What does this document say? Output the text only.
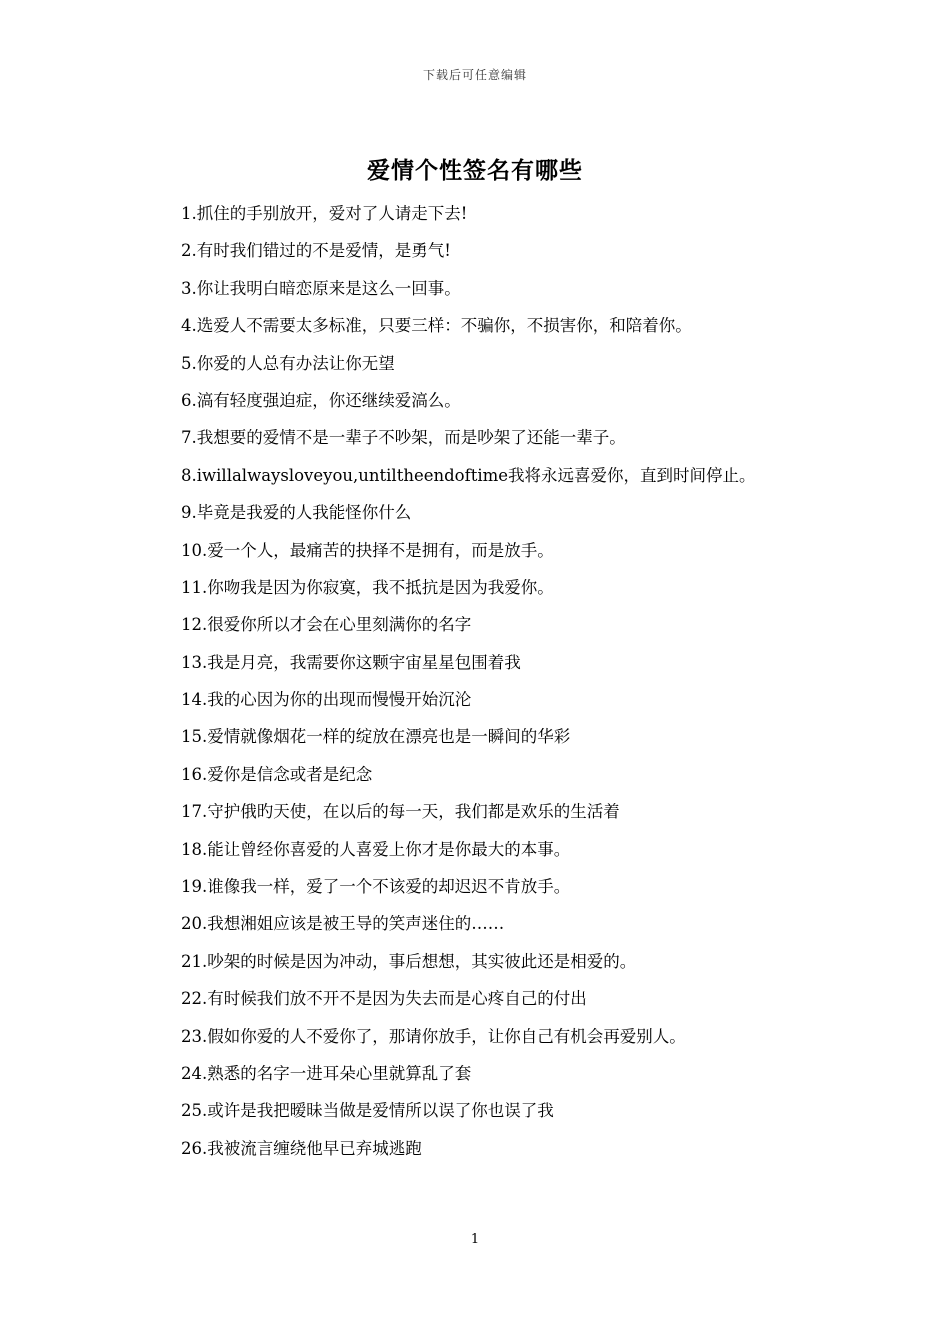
下载后可任意编辑
爱情个性签名有哪些
1.抓住的手别放开，爱对了人请走下去!
2.有时我们错过的不是爱情，是勇气!
3.你让我明白暗恋原来是这么一回事。
4.选爱人不需要太多标准，只要三样：不骗你，不损害你，和陪着你。
5.你爱的人总有办法让你无望
6.滈有轻度强迫症，你还继续爱滈么。
7.我想要的爱情不是一辈子不吵架，而是吵架了还能一辈子。
8.iwillalwaysloveyou,untiltheendoftime我将永远喜爱你，直到时间停止。
9.毕竟是我爱的人我能怪你什么
10.爱一个人，最痛苦的抉择不是拥有，而是放手。
11.你吻我是因为你寂寞，我不抵抗是因为我爱你。
12.很爱你所以才会在心里刻满你的名字
13.我是月亮，我需要你这颗宇宙星星包围着我
14.我的心因为你的出现而慢慢开始沉沦
15.爱情就像烟花一样的绽放在漂亮也是一瞬间的华彩
16.爱你是信念或者是纪念
17.守护俄旳天使，在以后的每一天，我们都是欢乐的生活着
18.能让曾经你喜爱的人喜爱上你才是你最大的本事。
19.谁像我一样，爱了一个不该爱的却迟迟不肯放手。
20.我想湘姐应该是被王导的笑声迷住的……
21.吵架的时候是因为冲动，事后想想，其实彼此还是相爱的。
22.有时候我们放不开不是因为失去而是心疼自己的付出
23.假如你爱的人不爱你了，那请你放手，让你自己有机会再爱别人。
24.熟悉的名字一进耳朵心里就算乱了套
25.或许是我把暧昧当做是爱情所以误了你也误了我
26.我被流言缠绕他早已弃城逃跑
1
